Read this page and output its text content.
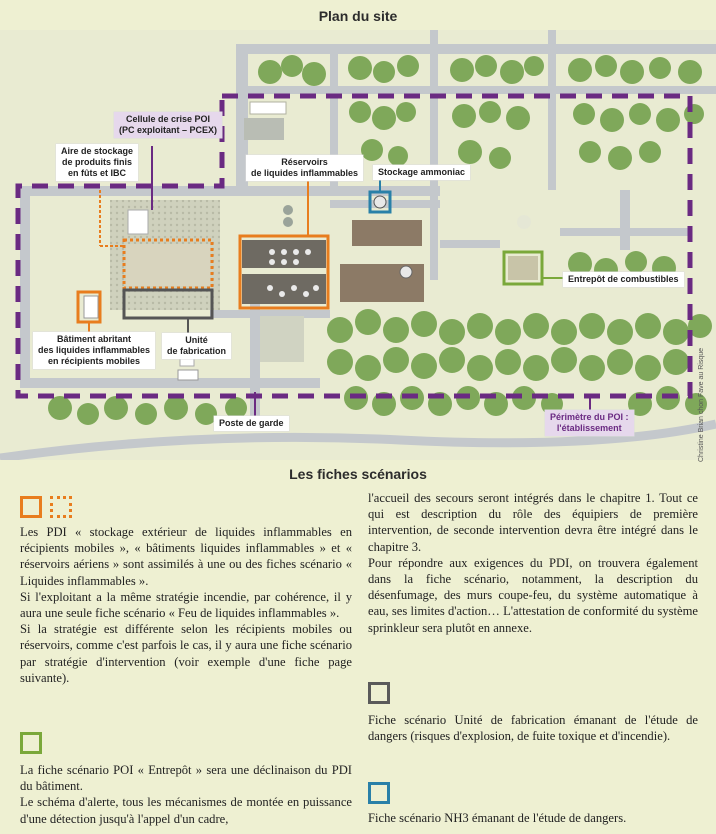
Plan du site
Cellule de crise POI
(PC exploitant – PCEX)
Aire de stockage
de produits finis
en fûts et IBC
Réservoirs
de liquides inflammables	Stockage ammoniac
Entrepôt de combustibles
Bâtiment abritant
des liquides inflammables
en récipients mobiles
Unité
de fabrication
Poste de garde
Périmètre du POI :
l'établissement	Christine Brian chon Fave au Risque
Les fiches scénarios

Les PDI « stockage extérieur de liquides inflammables en récipients mobiles », « bâtiments liquides inflammables » et « réservoirs aériens » sont assimilés à une ou des fiches scénario « Liquides inflammables ».

Si l'exploitant a la même stratégie incendie, par cohérence, il y aura une seule fiche scénario « Feu de liquides inflammables ».

Si la stratégie est différente selon les récipients mobiles ou réservoirs, comme c'est parfois le cas, il y aura une fiche scénario par stratégie d'intervention (voir exemple d'une fiche page suivante).

La fiche scénario POI « Entrepôt » sera une déclinaison du PDI du bâtiment.

Le schéma d'alerte, tous les mécanismes de montée en puissance d'une détection jusqu'à l'appel d'un cadre,

l'accueil des secours seront intégrés dans le chapitre 1. Tout ce qui est description du rôle des équipiers de première intervention, de seconde intervention devra être intégré dans le chapitre 3.

Pour répondre aux exigences du PDI, on trouvera également dans la fiche scénario, notamment, la description du désenfumage, des murs coupe-feu, du système automatique à eau, ses limites d'action… L'attestation de conformité du système sprinkleur sera plutôt en annexe.

Fiche scénario Unité de fabrication émanant de l'étude de dangers (risques d'explosion, de fuite toxique et d'incendie).

Fiche scénario NH3 émanant de l'étude de dangers.
